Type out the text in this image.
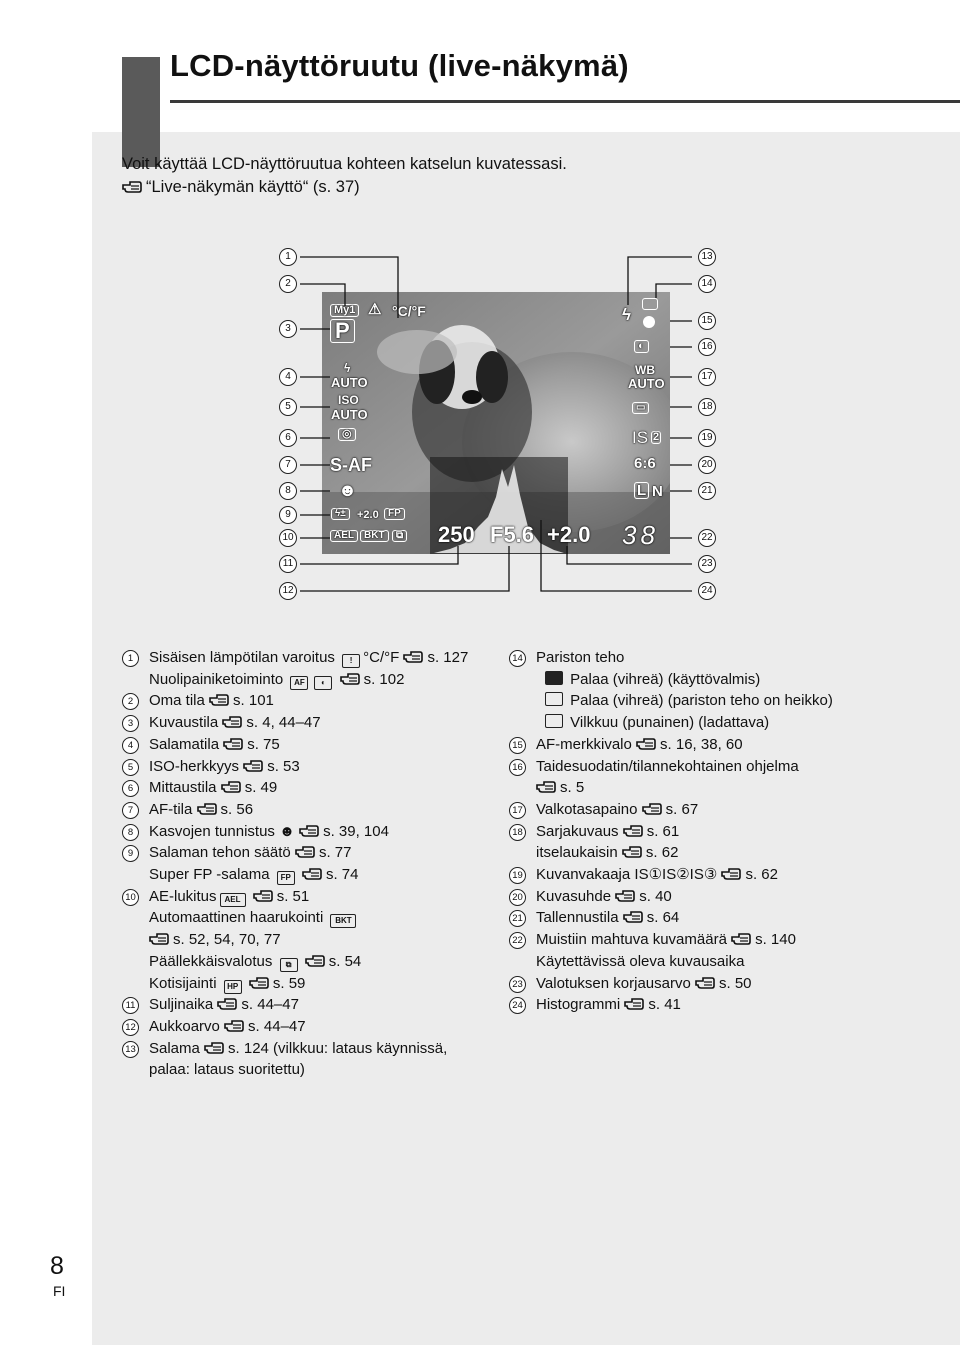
LCD-näyttöruutu (live-näkymä)
Voit käyttää LCD-näyttöruutua kohteen katselun kuvatessasi.
“Live-näkymän käyttö“ (s. 37)
My1
P
⚠ °C/°F
ϟ
AUTO
ISO
AUTO
◎
S-AF
☻
ϟ±	+2.0 FP
AEL	BKT	⧉ 250 F5.6 +2.0 38
ϟ
◐
WB
AUTO
▭
IS 2
6:6
L N
1
2
3
4
5
6
7
8
9
10
11
12
13
14
15
16
17
18
19
20
21
22
23
24
1 Sisäisen lämpötilan varoitus ! °C/°F s. 127
Nuolipainiketoiminto AF ◐	s. 102
2 Oma tila s. 101
3 Kuvaustila s. 4, 44–47
4 Salamatila s. 75
5 ISO-herkkyys s. 53
6 Mittaustila s. 49
7 AF-tila s. 56
8 Kasvojen tunnistus ☻ s. 39, 104
9 Salaman tehon säätö s. 77
Super FP -salama FP s. 74
10 AE-lukitus AEL s. 51
Automaattinen haarukointi BKT
s. 52, 54, 70, 77
Päällekkäisvalotus ⧉ s. 54
Kotisijainti HP s. 59
11 Suljinaika s. 44–47
12 Aukkoarvo s. 44–47
13 Salama s. 124 (vilkkuu: lataus käynnissä,
palaa: lataus suoritettu)
14 Pariston teho
Palaa (vihreä) (käyttövalmis)
Palaa (vihreä) (pariston teho on heikko)
Vilkkuu (punainen) (ladattava)
15 AF-merkkivalo s. 16, 38, 60
16 Taidesuodatin/tilannekohtainen ohjelma
s. 5
17 Valkotasapaino s. 67
18 Sarjakuvaus s. 61
itselaukaisin s. 62
19 Kuvanvakaaja IS①IS②IS③ s. 62
20 Kuvasuhde s. 40
21 Tallennustila s. 64
22 Muistiin mahtuva kuvamäärä s. 140
Käytettävissä oleva kuvausaika
23 Valotuksen korjausarvo s. 50
24 Histogrammi s. 41
8
FI
